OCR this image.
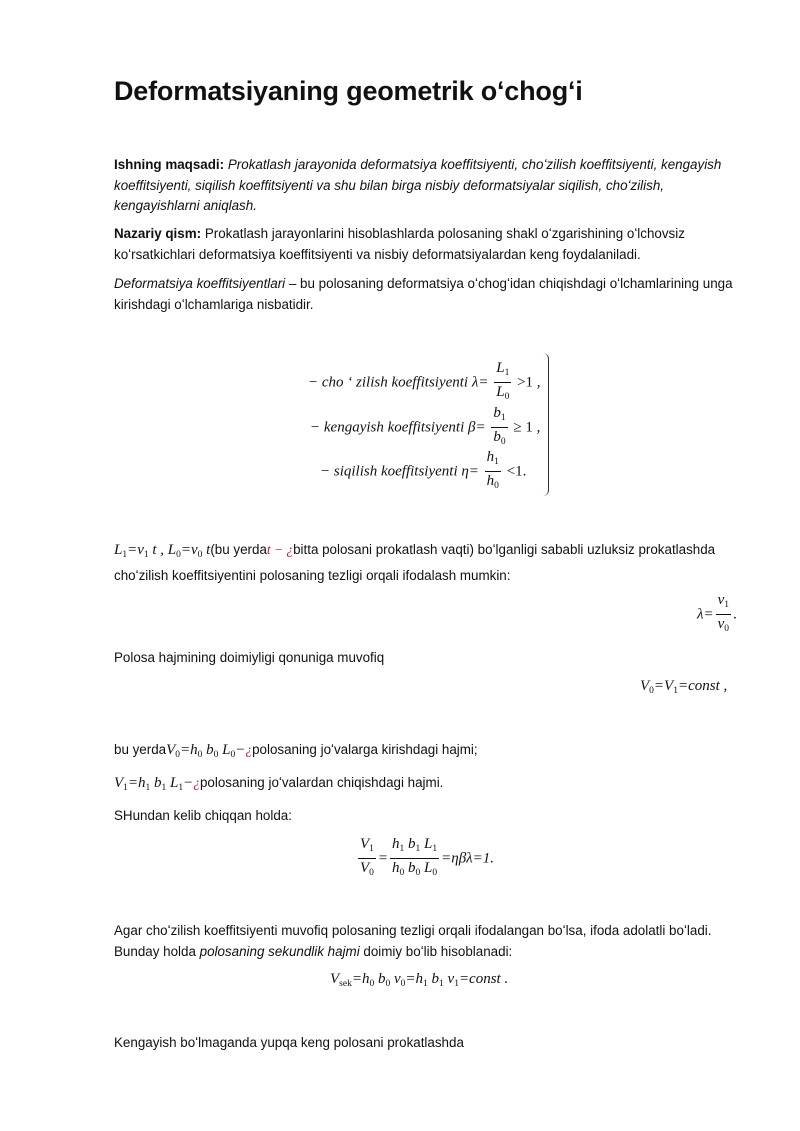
Deformatsiyaning geometrik oʻchogʻi
Ishning maqsadi: Prokatlash jarayonida deformatsiya koeffitsiyenti, choʻzilish koeffitsiyenti, kengayish koeffitsiyenti, siqilish koeffitsiyenti va shu bilan birga nisbiy deformatsiyalar siqilish, choʻzilish, kengayishlarni aniqlash.
Nazariy qism: Prokatlash jarayonlarini hisoblashlarda polosaning shakl oʻzgarishining oʻlchovsiz koʻrsatkichlari deformatsiya koeffitsiyenti va nisbiy deformatsiyalardan keng foydalaniladi.
Deformatsiya koeffitsiyentlari – bu polosaning deformatsiya oʻchogʻidan chiqishdagi oʻlchamlarining unga kirishdagi oʻlchamlariga nisbatidir.
− cho ʻ zilish koeffitsiyenti $\lambda= \frac{L_1}{L_0} >1$ ,
− kengayish koeffitsiyenti $\beta= \frac{b_1}{b_0} \ge 1$ ,
− siqilish koeffitsiyenti $\eta= \frac{h_1}{h_0} <1$.
$L_1=v_1$ t , $L_0=v_0$ t(bu yerdat − ¿bitta polosani prokatlash vaqti) boʻlganligi sababli uzluksiz prokatlashda choʻzilish koeffitsiyentini polosaning tezligi orqali ifodalash mumkin:
$\lambda= \frac{v_1}{v_0}$ .
Polosa hajmining doimiyligi qonuniga muvofiq
$V_0=V_1=const$ ,
bu $yerdaV_0=h_0$ $b_0$ $L_0-¿polosaning$ joʻvalarga kirishdagi hajmi;
$V_1=h_1$ $b_1$ $L_1-¿polosaning$ joʻvalardan chiqishdagi hajmi.
SHundan kelib chiqqan holda:
$\frac{V_1}{V_0} = \frac{h_1 b_1 L_1}{h_0 b_0 L_0} =\eta\beta\lambda=1$.
Agar choʻzilish koeffitsiyenti muvofiq polosaning tezligi orqali ifodalangan boʻlsa, ifoda adolatli boʻladi. Bunday holda polosaning sekundlik hajmi doimiy boʻlib hisoblanadi:
$V_{sek}=h_0$ $b_0$ $v_0=h_1$ $b_1$ $v_1=const$ .
Kengayish boʻlmaganda yupqa keng polosani prokatlashda
